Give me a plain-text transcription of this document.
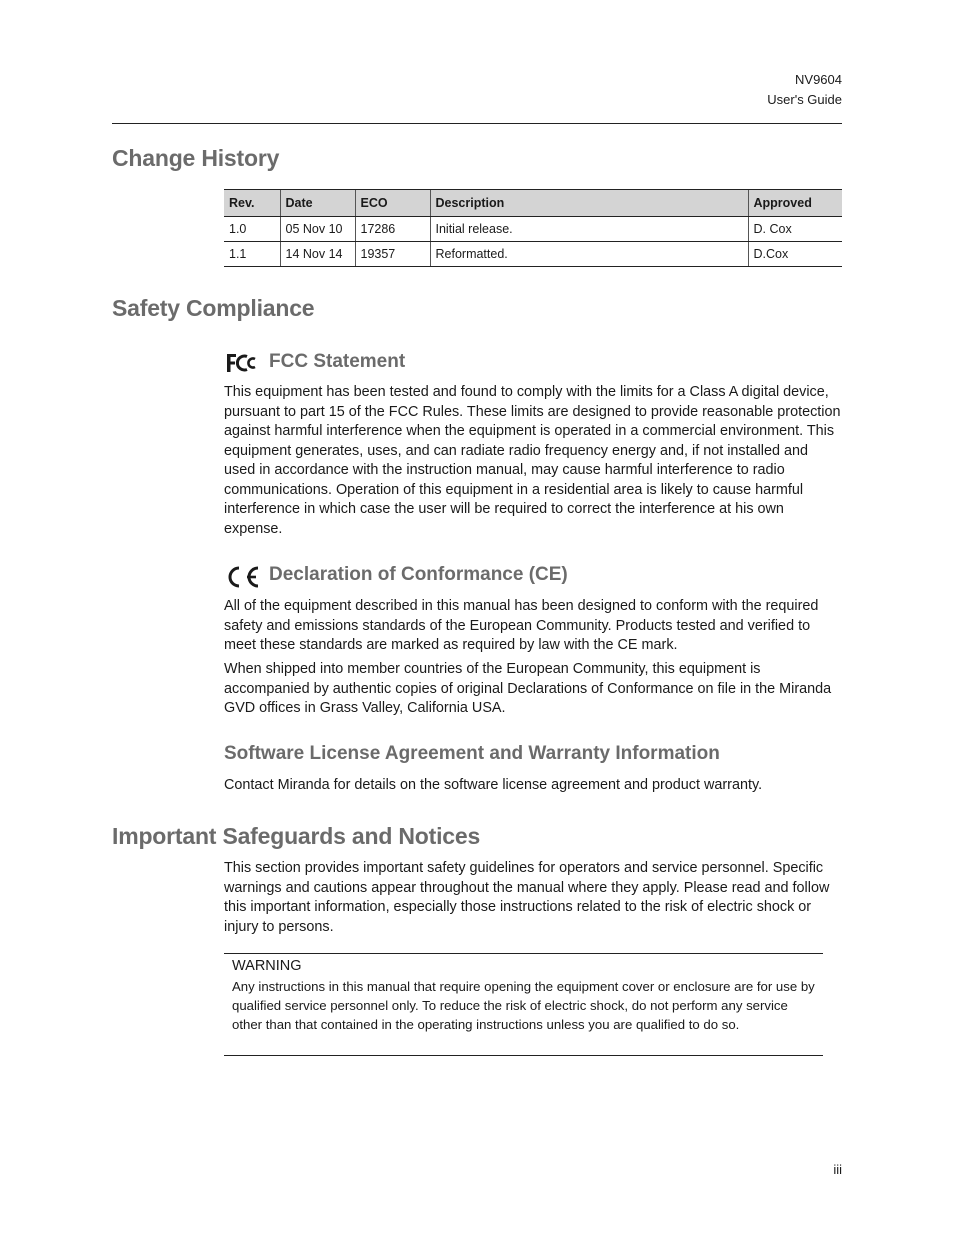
NV9604
User's Guide
Change History
Rev.	Date	ECO	Description	Approved
1.0	05 Nov 10	17286	Initial release.	D. Cox
1.1	14 Nov 14	19357	Reformatted.	D.Cox
Safety Compliance
FCC Statement

This equipment has been tested and found to comply with the limits for a Class A digital device, pursuant to part 15 of the FCC Rules. These limits are designed to provide reasonable protection against harmful interference when the equipment is operated in a commercial environment. This equipment generates, uses, and can radiate radio frequency energy and, if not installed and used in accordance with the instruction manual, may cause harmful interference to radio communications. Operation of this equipment in a residential area is likely to cause harmful interference in which case the user will be required to correct the interference at his own expense.

Declaration of Conformance (CE)

All of the equipment described in this manual has been designed to conform with the required safety and emissions standards of the European Community. Products tested and verified to meet these standards are marked as required by law with the CE mark.

When shipped into member countries of the European Community, this equipment is accompanied by authentic copies of original Declarations of Conformance on file in the Miranda GVD offices in Grass Valley, California USA.

Software License Agreement and Warranty Information

Contact Miranda for details on the software license agreement and product warranty.

Important Safeguards and Notices

This section provides important safety guidelines for operators and service personnel. Specific warnings and cautions appear throughout the manual where they apply. Please read and follow this important information, especially those instructions related to the risk of electric shock or injury to persons.

WARNING
Any instructions in this manual that require opening the equipment cover or enclosure are for use by qualified service personnel only. To reduce the risk of electric shock, do not perform any service other than that contained in the operating instructions unless you are qualified to do so.
iii
